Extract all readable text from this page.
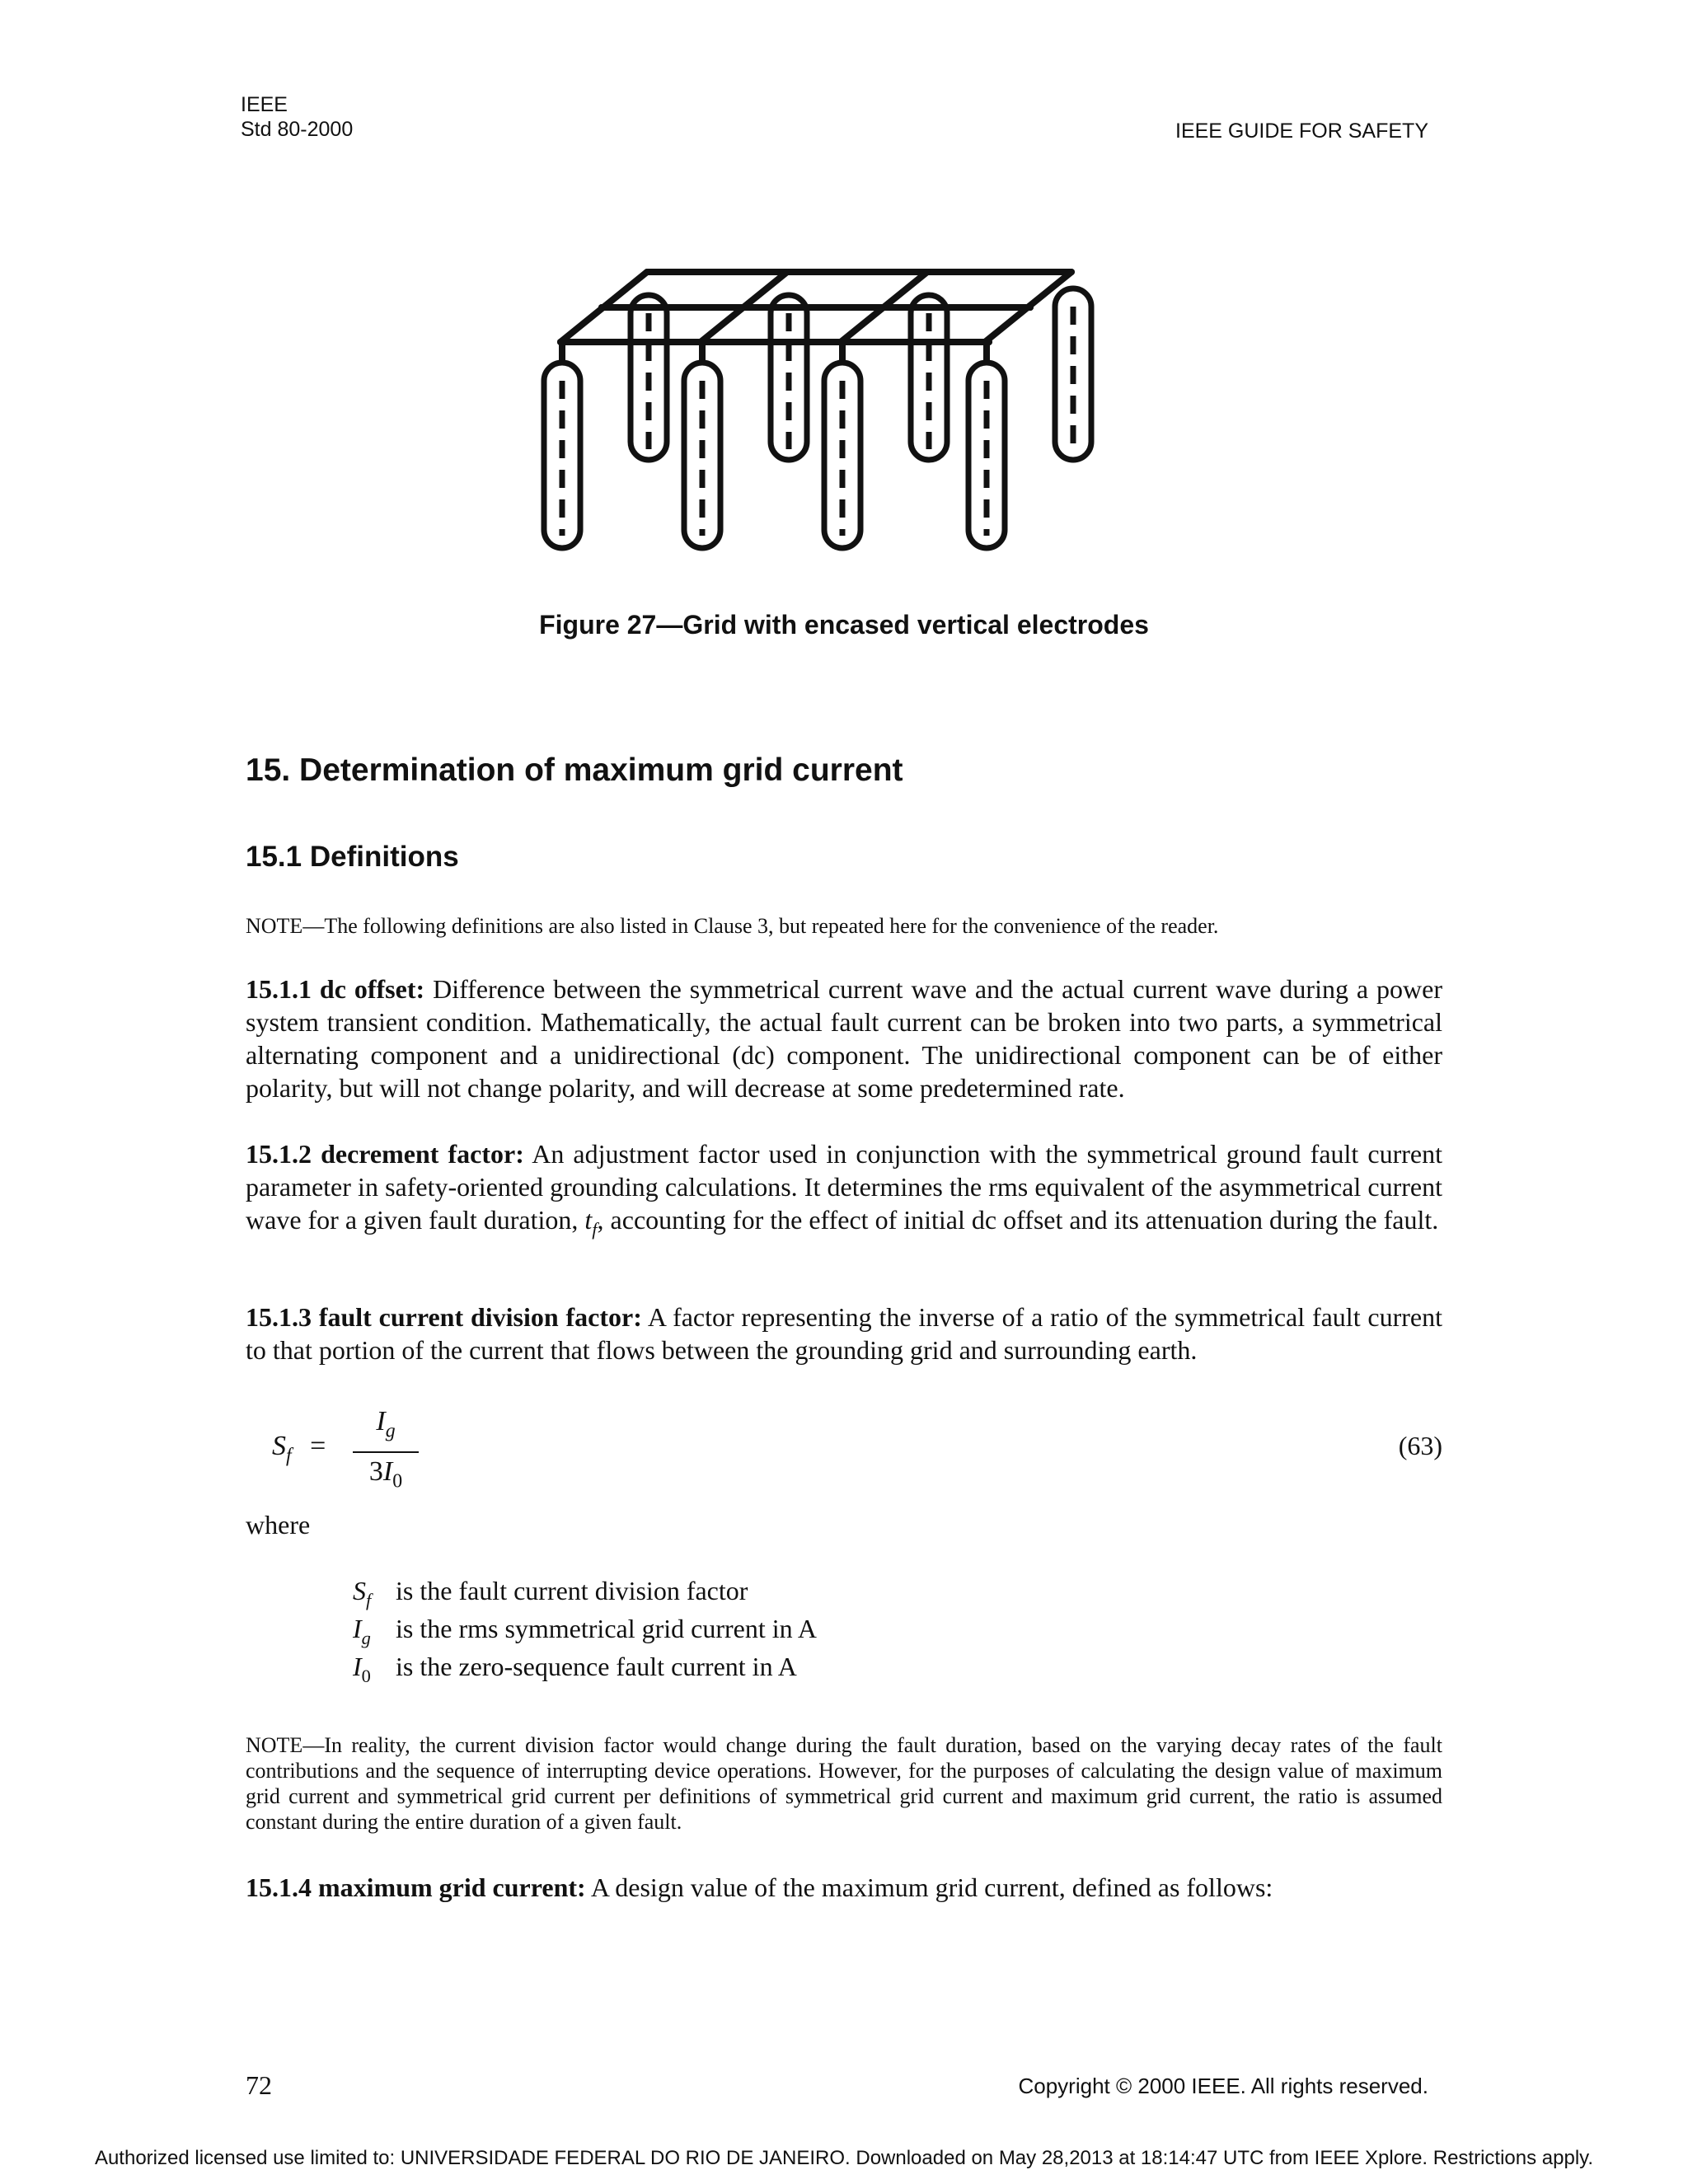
IEEE
Std 80-2000	IEEE GUIDE FOR SAFETY
Figure 27—Grid with encased vertical electrodes
15. Determination of maximum grid current
15.1 Definitions
NOTE—The following definitions are also listed in Clause 3, but repeated here for the convenience of the reader.
15.1.1 dc offset: Difference between the symmetrical current wave and the actual current wave during a power system transient condition. Mathematically, the actual fault current can be broken into two parts, a symmetrical alternating component and a unidirectional (dc) component. The unidirectional component can be of either polarity, but will not change polarity, and will decrease at some predetermined rate.
15.1.2 decrement factor: An adjustment factor used in conjunction with the symmetrical ground fault current parameter in safety-oriented grounding calculations. It determines the rms equivalent of the asymmetrical current wave for a given fault duration, $t_f$, accounting for the effect of initial dc offset and its attenuation during the fault.
15.1.3 fault current division factor: A factor representing the inverse of a ratio of the symmetrical fault current to that portion of the current that flows between the grounding grid and surrounding earth.
$S_f$ =
$I_g$
$3I_0$
(63)
where
$S_f$ is the fault current division factor
$I_g$ is the rms symmetrical grid current in A
$I_0$ is the zero-sequence fault current in A
NOTE—In reality, the current division factor would change during the fault duration, based on the varying decay rates of the fault contributions and the sequence of interrupting device operations. However, for the purposes of calculating the design value of maximum grid current and symmetrical grid current per definitions of symmetrical grid current and maximum grid current, the ratio is assumed constant during the entire duration of a given fault.
15.1.4 maximum grid current: A design value of the maximum grid current, defined as follows:
72	Copyright © 2000 IEEE. All rights reserved.
Authorized licensed use limited to: UNIVERSIDADE FEDERAL DO RIO DE JANEIRO. Downloaded on May 28,2013 at 18:14:47 UTC from IEEE Xplore. Restrictions apply.
